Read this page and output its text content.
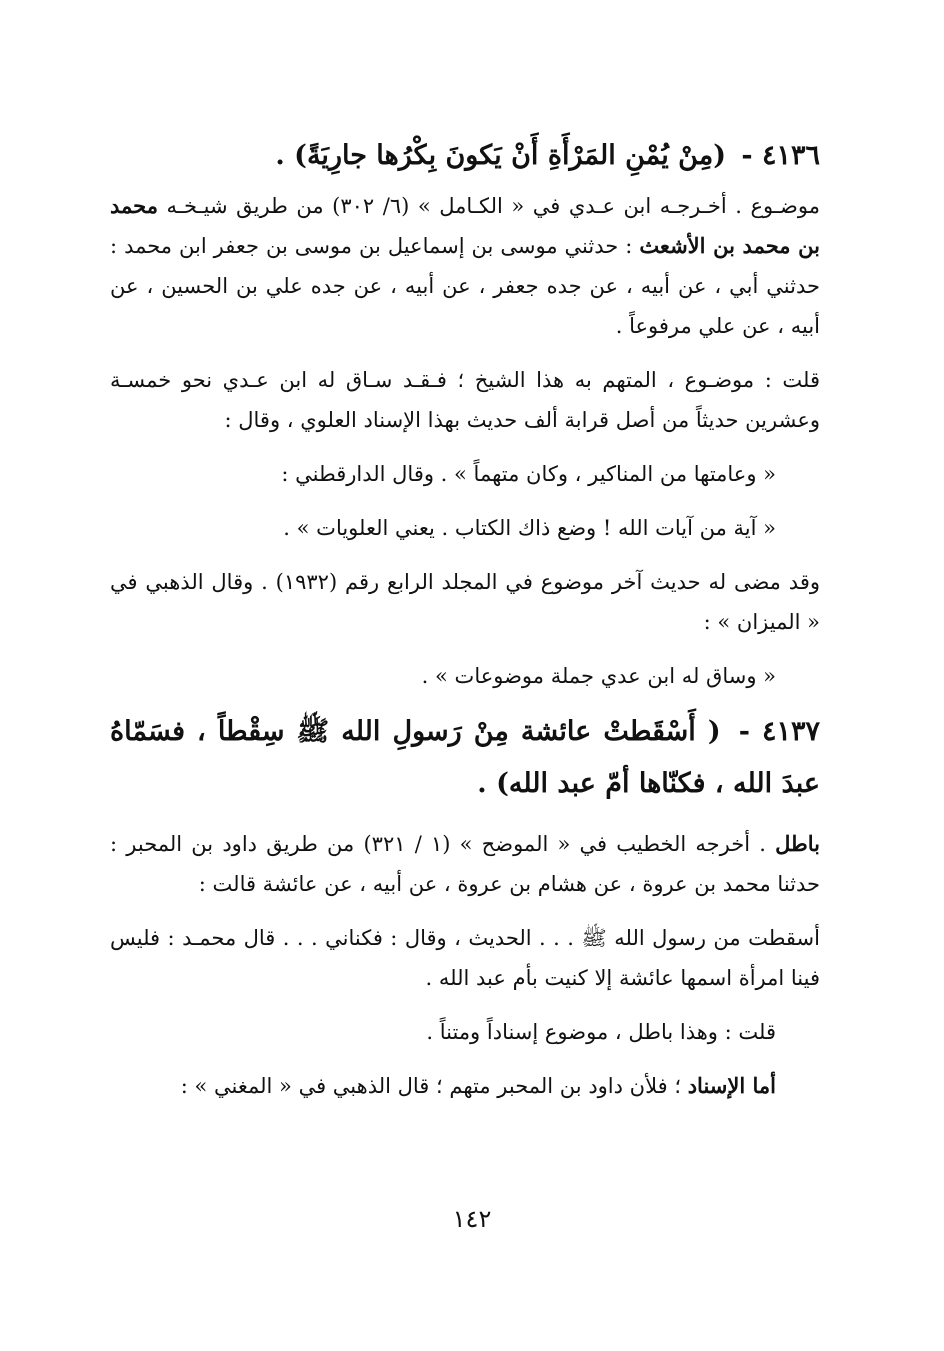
٤١٣٦ - (مِنْ يُمْنِ المَرْأَةِ أَنْ يَكونَ بِكْرُها جارِيَةً) .

موضـوع . أخـرجـه ابن عـدي في « الكـامل » (٦/ ٣٠٢) من طريق شيـخـه محمد بن محمد بن الأشعث : حدثني موسى بن إسماعيل بن موسى بن جعفر ابن محمد : حدثني أبي ، عن أبيه ، عن جده جعفر ، عن أبيه ، عن جده علي بن الحسين ، عن أبيه ، عن علي مرفوعاً .

قلت : موضـوع ، المتهم به هذا الشيخ ؛ فـقـد سـاق له ابن عـدي نحو خمسـة وعشرين حديثاً من أصل قرابة ألف حديث بهذا الإسناد العلوي ، وقال :

« وعامتها من المناكير ، وكان متهماً » . وقال الدارقطني :

« آية من آيات الله ! وضع ذاك الكتاب . يعني العلويات » .

وقد مضى له حديث آخر موضوع في المجلد الرابع رقم (١٩٣٢) . وقال الذهبي في « الميزان » :

« وساق له ابن عدي جملة موضوعات » .

٤١٣٧ - ( أَسْقَطتْ عائشة مِنْ رَسولِ الله ﷺ سِقْطاً ، فسَمّاهُ عبدَ الله ، فكنّاها أمّ عبد الله) .

باطل . أخرجه الخطيب في « الموضح » (١ / ٣٢١) من طريق داود بن المحبر : حدثنا محمد بن عروة ، عن هشام بن عروة ، عن أبيه ، عن عائشة قالت :

أسقطت من رسول الله ﷺ . . . الحديث ، وقال : فكناني . . . قال محمـد : فليس فينا امرأة اسمها عائشة إلا كنيت بأم عبد الله .

قلت : وهذا باطل ، موضوع إسناداً ومتناً .

أما الإسناد ؛ فلأن داود بن المحبر متهم ؛ قال الذهبي في « المغني » :

١٤٢
